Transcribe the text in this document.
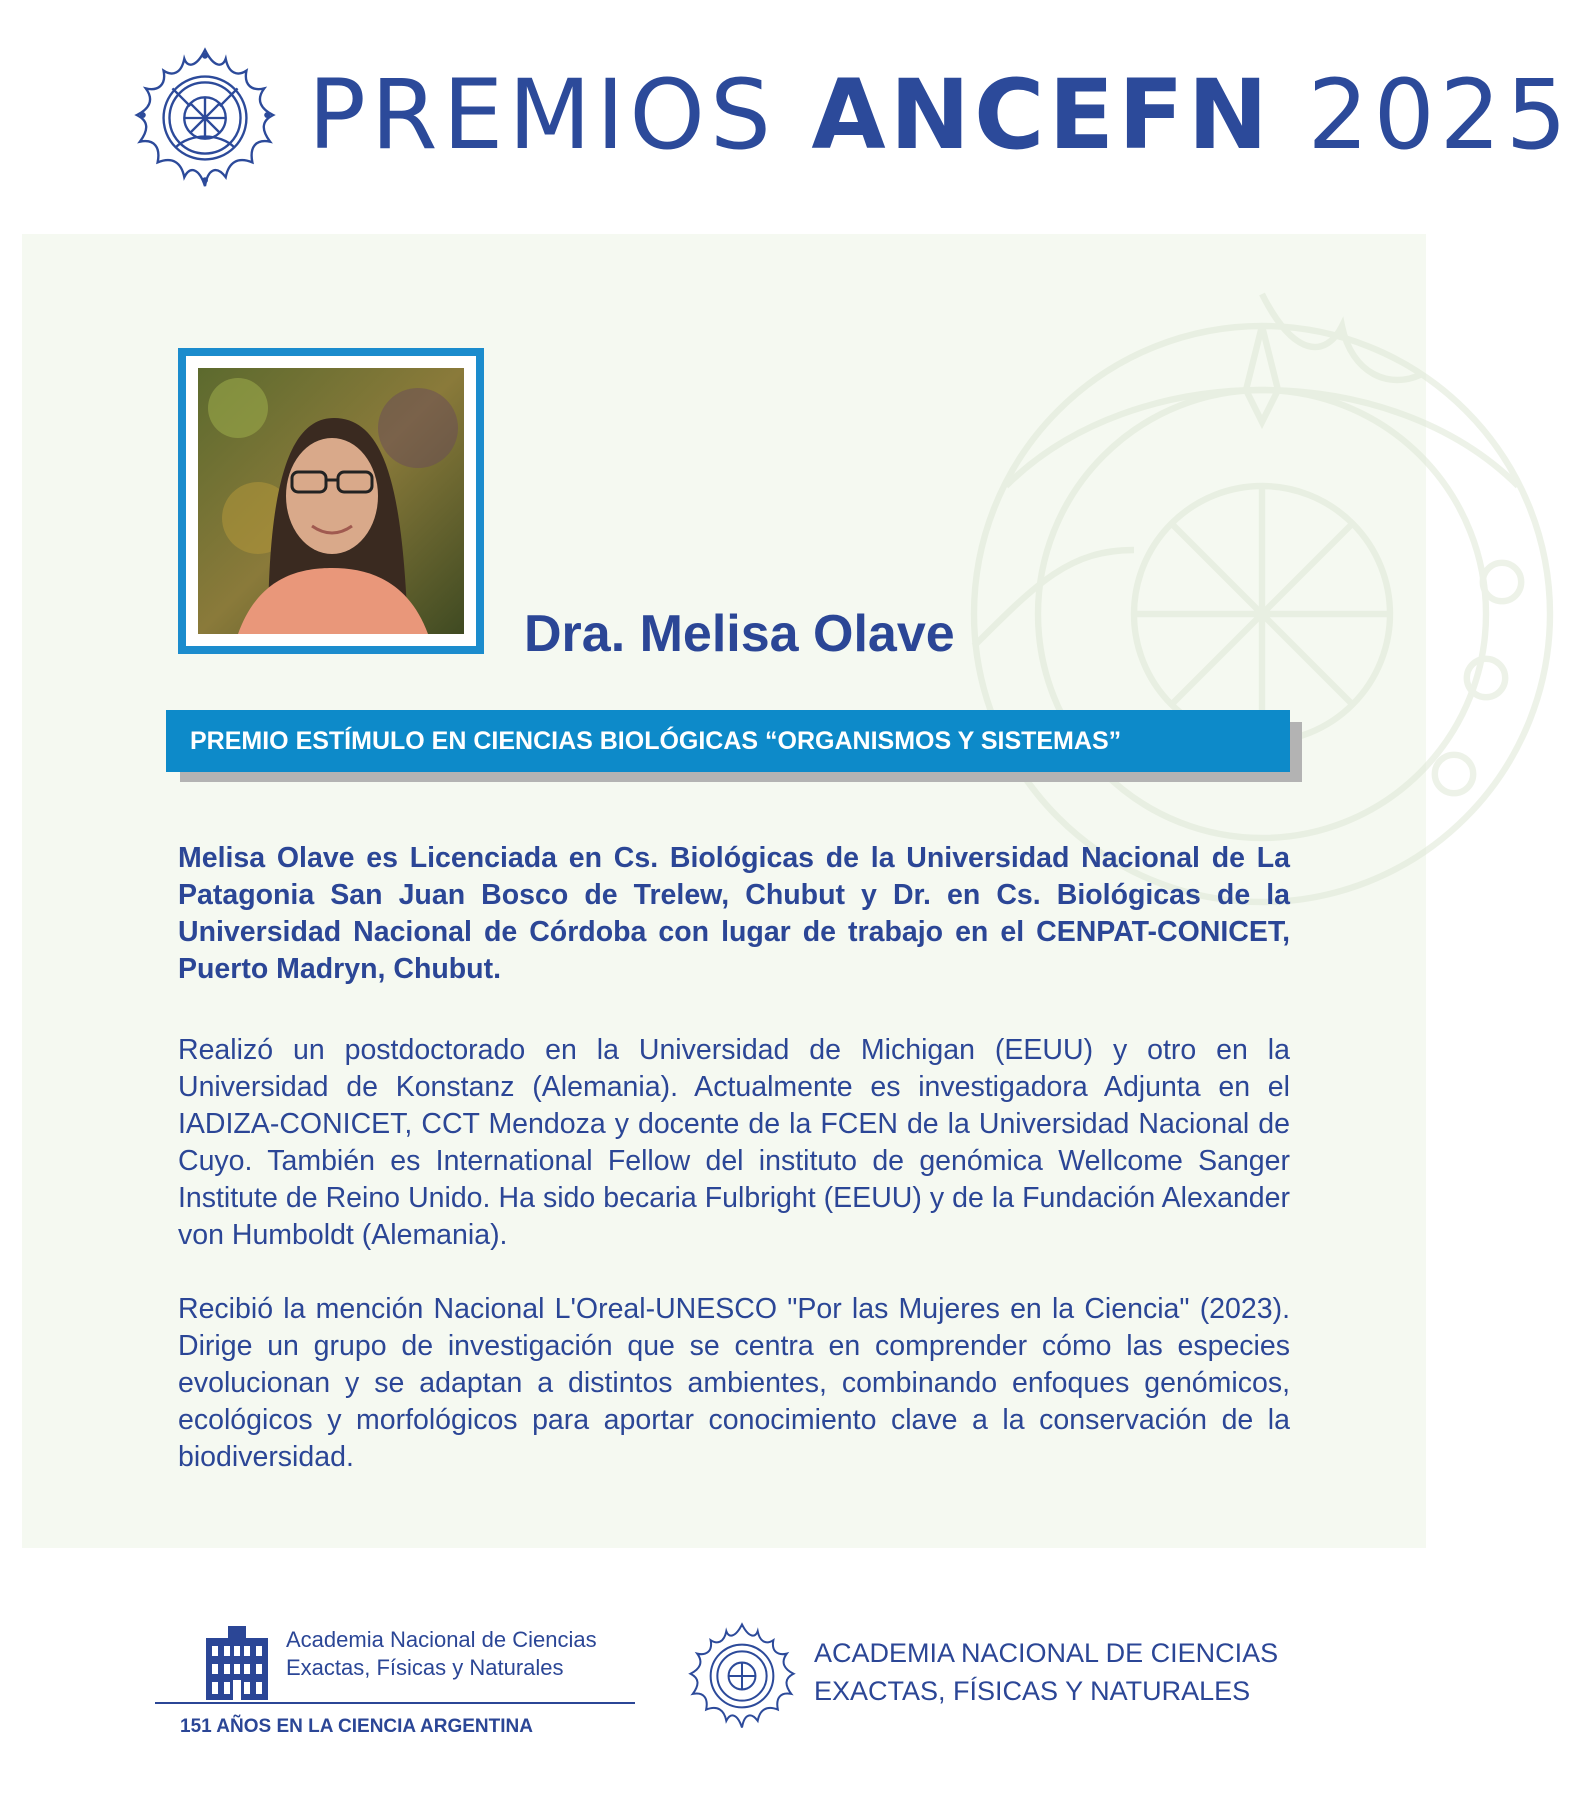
PREMIOS ANCEFN 2025
Dra. Melisa Olave
PREMIO ESTÍMULO EN CIENCIAS BIOLÓGICAS “ORGANISMOS Y SISTEMAS”

Melisa Olave es Licenciada en Cs. Biológicas de la Universidad Nacional de La Patagonia San Juan Bosco de Trelew, Chubut y Dr. en Cs. Biológicas de la Universidad Nacional de Córdoba con lugar de trabajo en el CENPAT-CONICET, Puerto Madryn, Chubut.

Realizó un postdoctorado en la Universidad de Michigan (EEUU) y otro en la Universidad de Konstanz (Alemania). Actualmente es investigadora Adjunta en el IADIZA-CONICET, CCT Mendoza y docente de la FCEN de la Universidad Nacional de Cuyo. También es International Fellow del instituto de genómica Wellcome Sanger Institute de Reino Unido. Ha sido becaria Fulbright (EEUU) y de la Fundación Alexander von Humboldt (Alemania).

Recibió la mención Nacional L'Oreal-UNESCO "Por las Mujeres en la Ciencia" (2023). Dirige un grupo de investigación que se centra en comprender cómo las especies evolucionan y se adaptan a distintos ambientes, combinando enfoques genómicos, ecológicos y morfológicos para aportar conocimiento clave a la conservación de la biodiversidad.

Academia Nacional de Ciencias
Exactas, Físicas y Naturales
151 AÑOS EN LA CIENCIA ARGENTINA
ACADEMIA NACIONAL DE CIENCIAS
EXACTAS, FÍSICAS Y NATURALES
